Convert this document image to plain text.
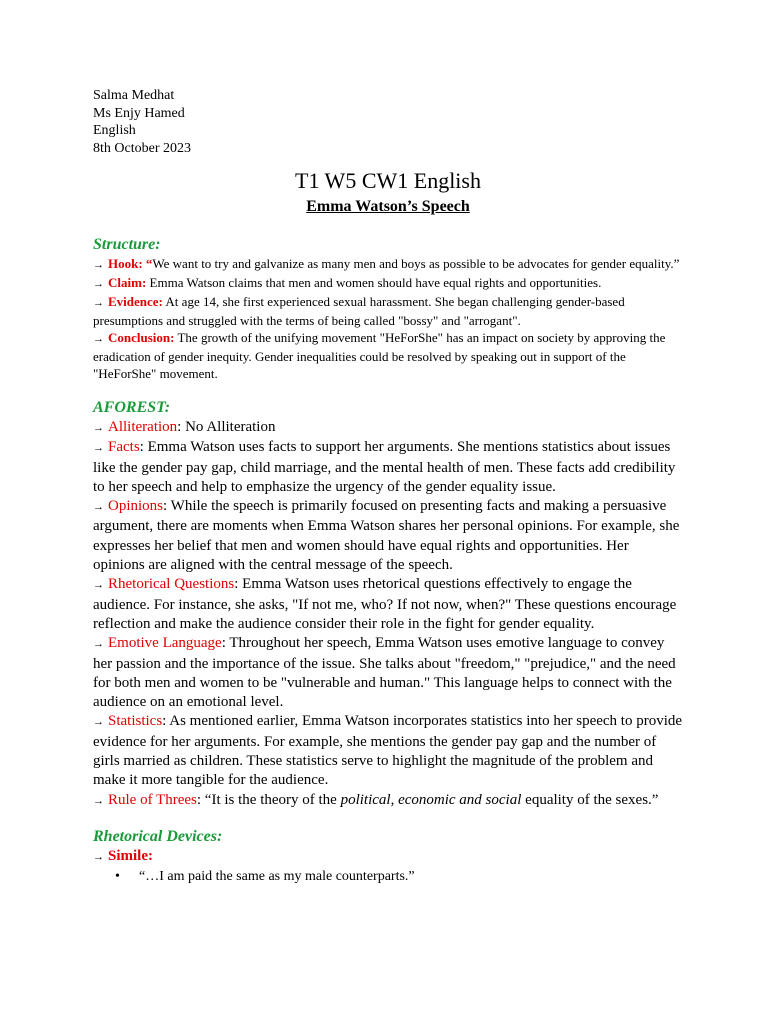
Salma Medhat
Ms Enjy Hamed
English
8th October 2023
T1 W5 CW1 English
Emma Watson’s Speech
Structure:

→ Hook: “We want to try and galvanize as many men and boys as possible to be advocates for gender equality.”

→ Claim: Emma Watson claims that men and women should have equal rights and opportunities.

→ Evidence: At age 14, she first experienced sexual harassment. She began challenging gender-based presumptions and struggled with the terms of being called "bossy" and "arrogant".

→ Conclusion: The growth of the unifying movement "HeForShe" has an impact on society by approving the eradication of gender inequity. Gender inequalities could be resolved by speaking out in support of the "HeForShe" movement.

AFOREST:

→ Alliteration: No Alliteration

→ Facts: Emma Watson uses facts to support her arguments. She mentions statistics about issues like the gender pay gap, child marriage, and the mental health of men. These facts add credibility to her speech and help to emphasize the urgency of the gender equality issue.

→ Opinions: While the speech is primarily focused on presenting facts and making a persuasive argument, there are moments when Emma Watson shares her personal opinions. For example, she expresses her belief that men and women should have equal rights and opportunities. Her opinions are aligned with the central message of the speech.

→ Rhetorical Questions: Emma Watson uses rhetorical questions effectively to engage the audience. For instance, she asks, "If not me, who? If not now, when?" These questions encourage reflection and make the audience consider their role in the fight for gender equality.

→ Emotive Language: Throughout her speech, Emma Watson uses emotive language to convey her passion and the importance of the issue. She talks about "freedom," "prejudice," and the need for both men and women to be "vulnerable and human." This language helps to connect with the audience on an emotional level.

→ Statistics: As mentioned earlier, Emma Watson incorporates statistics into her speech to provide evidence for her arguments. For example, she mentions the gender pay gap and the number of girls married as children. These statistics serve to highlight the magnitude of the problem and make it more tangible for the audience.

→ Rule of Threes: “It is the theory of the political, economic and social equality of the sexes.”

Rhetorical Devices:

→ Simile:

•	“…I am paid the same as my male counterparts.”
